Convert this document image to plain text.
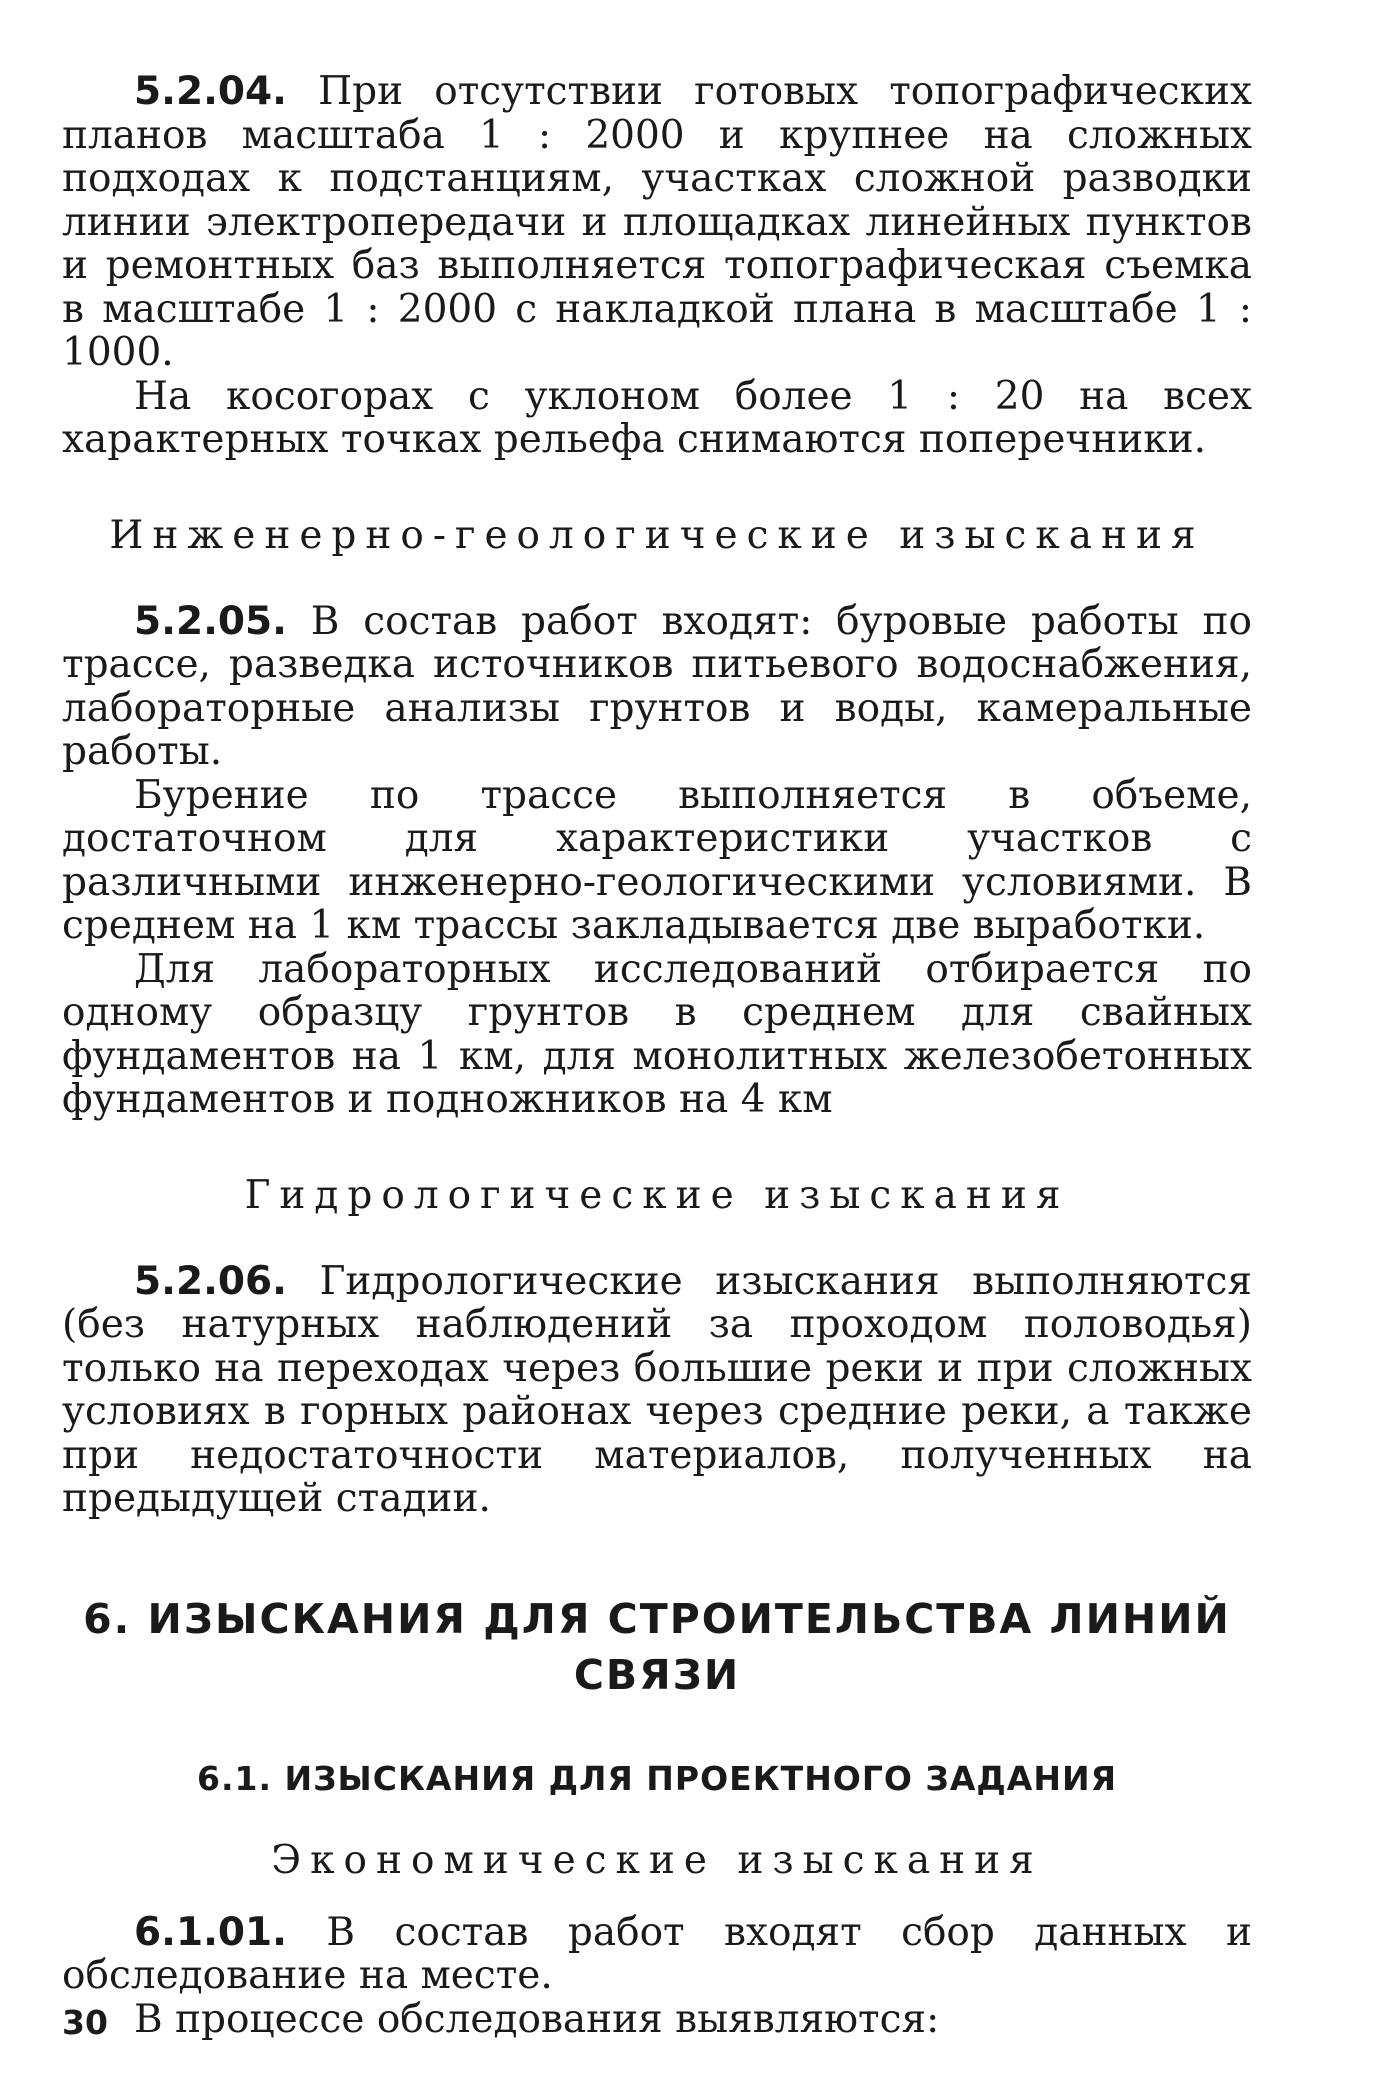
5.2.04. При отсутствии готовых топографических планов масштаба 1 : 2000 и крупнее на сложных подходах к подстанциям, участках сложной разводки линии электропередачи и площадках линейных пунктов и ремонтных баз выполняется топографическая съемка в масштабе 1 : 2000 с накладкой плана в масштабе 1 : 1000.

На косогорах с уклоном более 1 : 20 на всех характерных точках рельефа снимаются поперечники.

Инженерно-геологические изыскания

5.2.05. В состав работ входят: буровые работы по трассе, разведка источников питьевого водоснабжения, лабораторные анализы грунтов и воды, камеральные работы.

Бурение по трассе выполняется в объеме, достаточном для характеристики участков с различными инженерно-геологическими условиями. В среднем на 1 км трассы закладывается две выработки.

Для лабораторных исследований отбирается по одному образцу грунтов в среднем для свайных фундаментов на 1 км, для монолитных железобетонных фундаментов и подножников на 4 км

Гидрологические изыскания

5.2.06. Гидрологические изыскания выполняются (без натурных наблюдений за проходом половодья) только на переходах через большие реки и при сложных условиях в горных районах через средние реки, а также при недостаточности материалов, полученных на предыдущей стадии.

6. ИЗЫСКАНИЯ ДЛЯ СТРОИТЕЛЬСТВА ЛИНИЙ
СВЯЗИ
6.1. ИЗЫСКАНИЯ ДЛЯ ПРОЕКТНОГО ЗАДАНИЯ
Экономические изыскания

6.1.01. В состав работ входят сбор данных и обследование на месте.

В процессе обследования выявляются:

30
